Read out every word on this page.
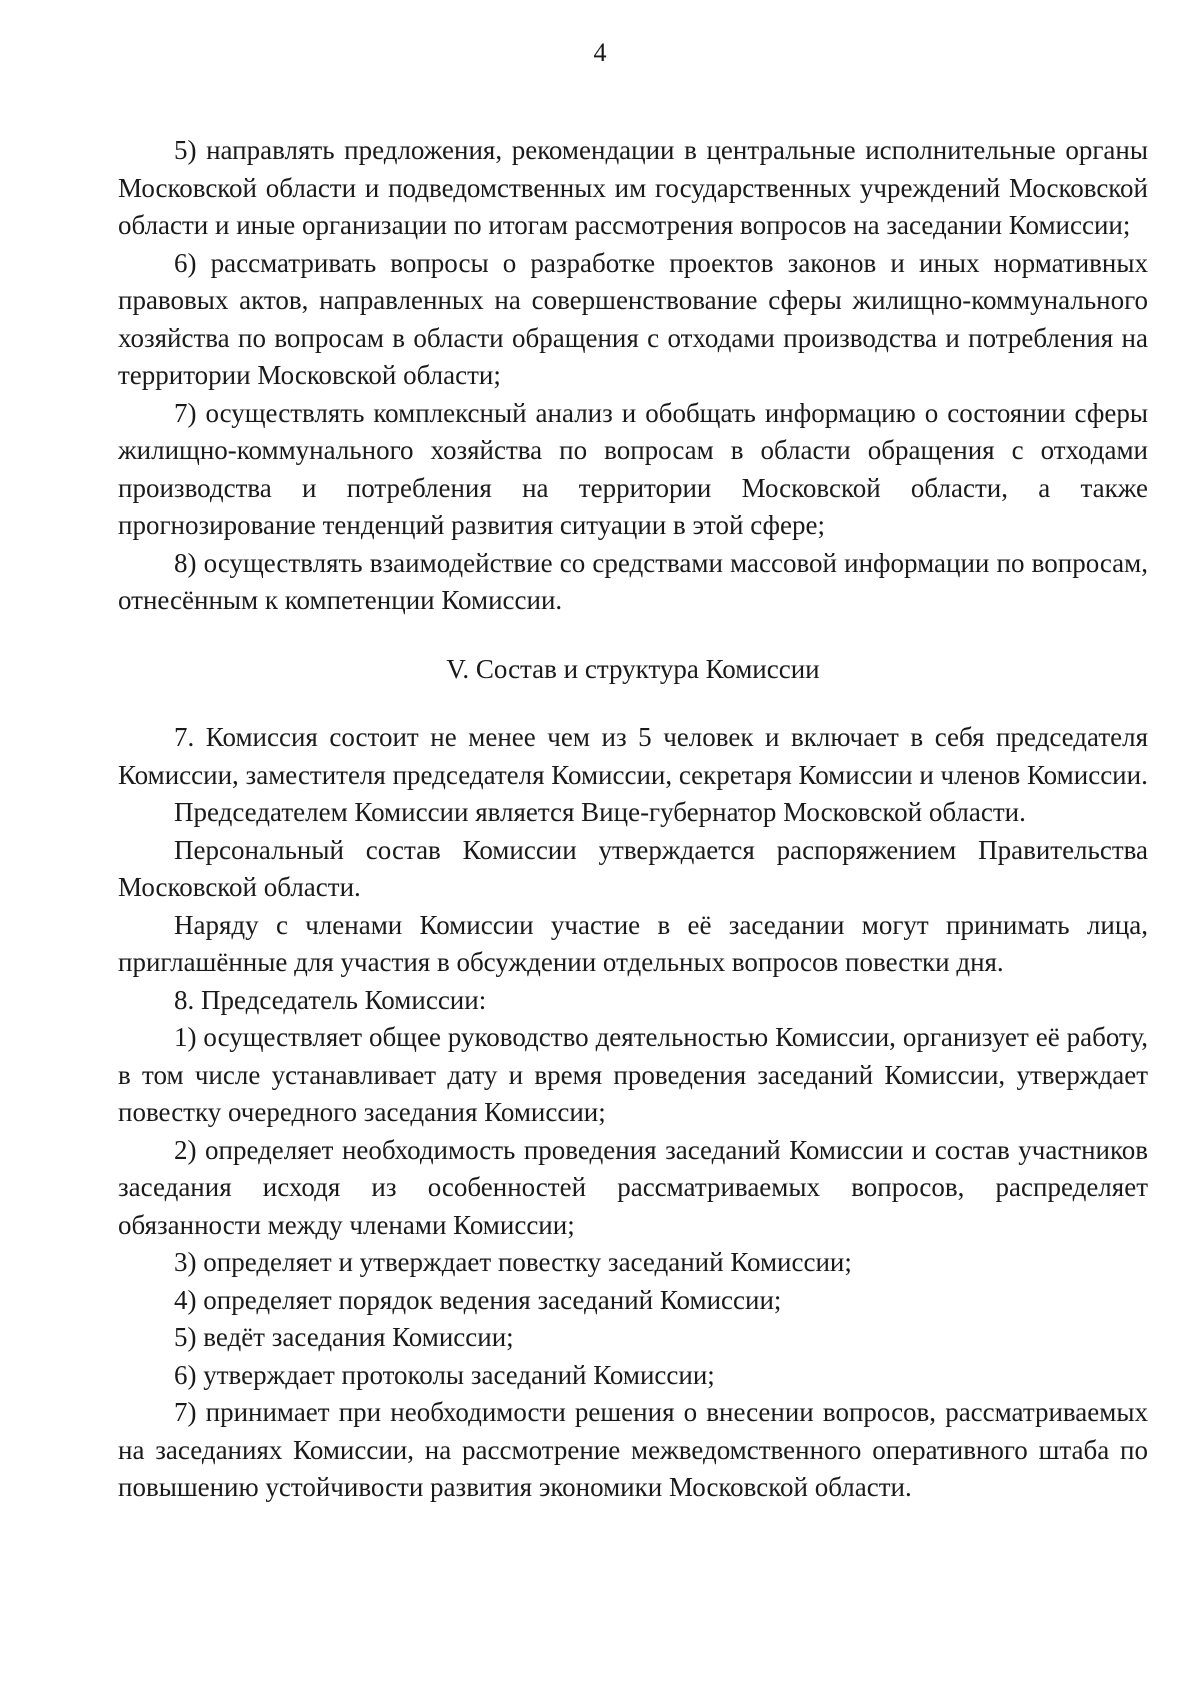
4

5) направлять предложения, рекомендации в центральные исполнительные органы Московской области и подведомственных им государственных учреждений Московской области и иные организации по итогам рассмотрения вопросов на заседании Комиссии;

6) рассматривать вопросы о разработке проектов законов и иных нормативных правовых актов, направленных на совершенствование сферы жилищно-коммунального хозяйства по вопросам в области обращения с отходами производства и потребления на территории Московской области;

7) осуществлять комплексный анализ и обобщать информацию о состоянии сферы жилищно-коммунального хозяйства по вопросам в области обращения с отходами производства и потребления на территории Московской области, а также прогнозирование тенденций развития ситуации в этой сфере;

8) осуществлять взаимодействие со средствами массовой информации по вопросам, отнесённым к компетенции Комиссии.

V. Состав и структура Комиссии

7. Комиссия состоит не менее чем из 5 человек и включает в себя председателя Комиссии, заместителя председателя Комиссии, секретаря Комиссии и членов Комиссии.

Председателем Комиссии является Вице-губернатор Московской области.

Персональный состав Комиссии утверждается распоряжением Правительства Московской области.

Наряду с членами Комиссии участие в её заседании могут принимать лица, приглашённые для участия в обсуждении отдельных вопросов повестки дня.

8. Председатель Комиссии:

1) осуществляет общее руководство деятельностью Комиссии, организует её работу, в том числе устанавливает дату и время проведения заседаний Комиссии, утверждает повестку очередного заседания Комиссии;

2) определяет необходимость проведения заседаний Комиссии и состав участников заседания исходя из особенностей рассматриваемых вопросов, распределяет обязанности между членами Комиссии;

3) определяет и утверждает повестку заседаний Комиссии;

4) определяет порядок ведения заседаний Комиссии;

5) ведёт заседания Комиссии;

6) утверждает протоколы заседаний Комиссии;

7) принимает при необходимости решения о внесении вопросов, рассматриваемых на заседаниях Комиссии, на рассмотрение межведомственного оперативного штаба по повышению устойчивости развития экономики Московской области.
